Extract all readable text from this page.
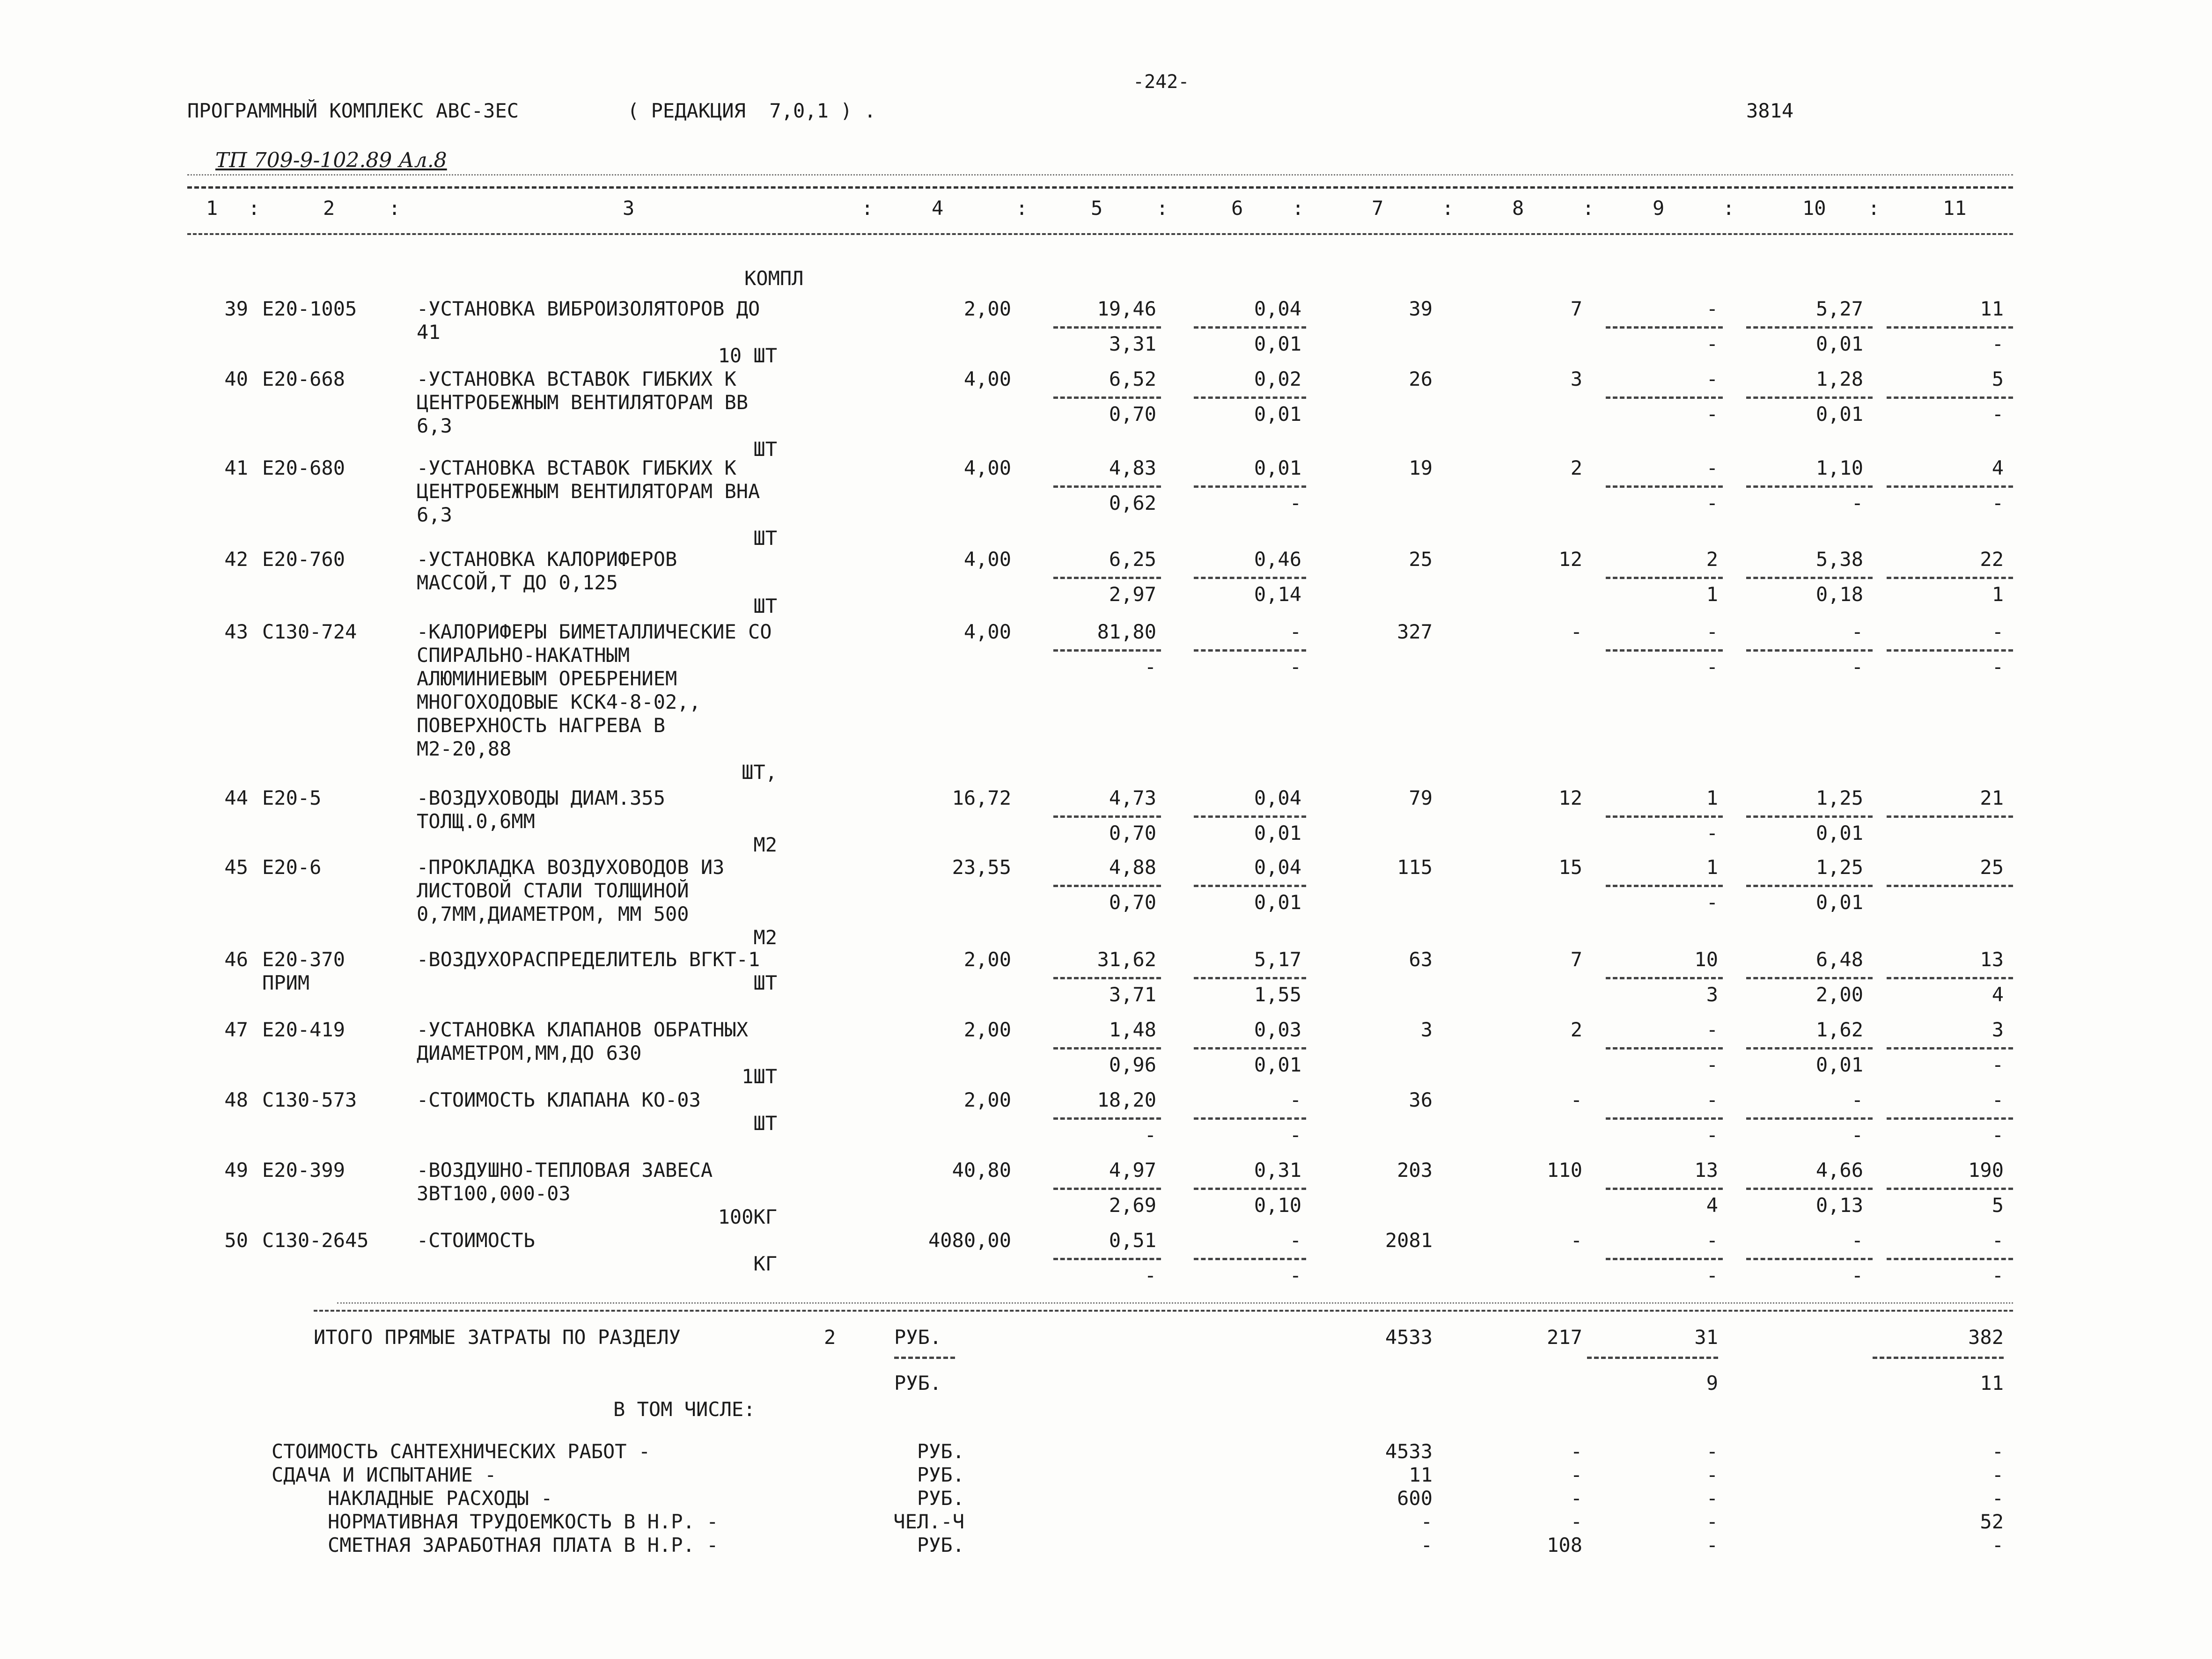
ПРОГРАММНЫЙ КОМПЛЕКС АВС-3ЕС	( РЕДАКЦИЯ  7,0,1 ) .
-242-
3814
ТП 709-9-102.89 Ал.8
1	2	3	4	5	6	7	8	9	10	11
:	:	:	:	:	:	:	:	:	:
КОМПЛ
39 Е20-1005	-УСТАНОВКА ВИБРОИЗОЛЯТОРОВ ДО
41
10 ШТ
2,00	19,46	0,04	39	7	-	5,27	11
3,31	0,01	-	0,01	-
40 Е20-668	-УСТАНОВКА ВСТАВОК ГИБКИХ К
ЦЕНТРОБЕЖНЫМ ВЕНТИЛЯТОРАМ ВВ
6,3
ШТ
4,00	6,52	0,02	26	3	-	1,28	5
0,70	0,01	-	0,01	-
41 Е20-680	-УСТАНОВКА ВСТАВОК ГИБКИХ К
ЦЕНТРОБЕЖНЫМ ВЕНТИЛЯТОРАМ ВНА
6,3
ШТ
4,00	4,83	0,01	19	2	-	1,10	4
0,62	-	-	-	-
42 Е20-760	-УСТАНОВКА КАЛОРИФЕРОВ
МАССОЙ,Т ДО 0,125
ШТ
4,00	6,25	0,46	25	12	2	5,38	22
2,97	0,14	1	0,18	1
43 С130-724	-КАЛОРИФЕРЫ БИМЕТАЛЛИЧЕСКИЕ СО
СПИРАЛЬНО-НАКАТНЫМ
АЛЮМИНИЕВЫМ ОРЕБРЕНИЕМ
МНОГОХОДОВЫЕ КСК4-8-02,,
ПОВЕРХНОСТЬ НАГРЕВА В
М2-20,88
ШТ,
4,00	81,80	-	327	-	-	-	-
-	-	-	-	-
44 Е20-5	-ВОЗДУХОВОДЫ ДИАМ.355
ТОЛЩ.0,6ММ
М2
16,72	4,73	0,04	79	12	1	1,25	21
0,70	0,01	-	0,01
45 Е20-6	-ПРОКЛАДКА ВОЗДУХОВОДОВ ИЗ
ЛИСТОВОЙ СТАЛИ ТОЛЩИНОЙ
0,7ММ,ДИАМЕТРОМ, ММ 500
М2
23,55	4,88	0,04	115	15	1	1,25	25
0,70	0,01	-	0,01
46 Е20-370
ПРИМ
-ВОЗДУХОРАСПРЕДЕЛИТЕЛЬ ВГКТ-1
ШТ
2,00	31,62	5,17	63	7	10	6,48	13
3,71	1,55	3	2,00	4
47 Е20-419	-УСТАНОВКА КЛАПАНОВ ОБРАТНЫХ
ДИАМЕТРОМ,ММ,ДО 630
1ШТ
2,00	1,48	0,03	3	2	-	1,62	3
0,96	0,01	-	0,01	-
48 С130-573	-СТОИМОСТЬ КЛАПАНА КО-03
ШТ
2,00	18,20	-	36	-	-	-	-
-	-	-	-	-
49 Е20-399	-ВОЗДУШНО-ТЕПЛОВАЯ ЗАВЕСА
3ВТ100,000-03
100КГ
40,80	4,97	0,31	203	110	13	4,66	190
2,69	0,10	4	0,13	5
50 С130-2645 -СТОИМОСТЬ
КГ
4080,00	0,51	-	2081	-	-	-	-
-	-	-	-	-
ИТОГО ПРЯМЫЕ ЗАТРАТЫ ПО РАЗДЕЛУ	2	РУБ.	4533	217	31	382
РУБ.	9	11
В ТОМ ЧИСЛЕ:
СТОИМОСТЬ САНТЕХНИЧЕСКИХ РАБОТ -	РУБ.	4533	-	-	-
СДАЧА И ИСПЫТАНИЕ -	РУБ.	11	-	-	-
НАКЛАДНЫЕ РАСХОДЫ -	РУБ.	600	-	-	-
НОРМАТИВНАЯ ТРУДОЕМКОСТЬ В Н.Р. -	ЧЕЛ.-Ч	-	-	-	52
СМЕТНАЯ ЗАРАБОТНАЯ ПЛАТА В Н.Р. -	РУБ.	-	108	-	-
